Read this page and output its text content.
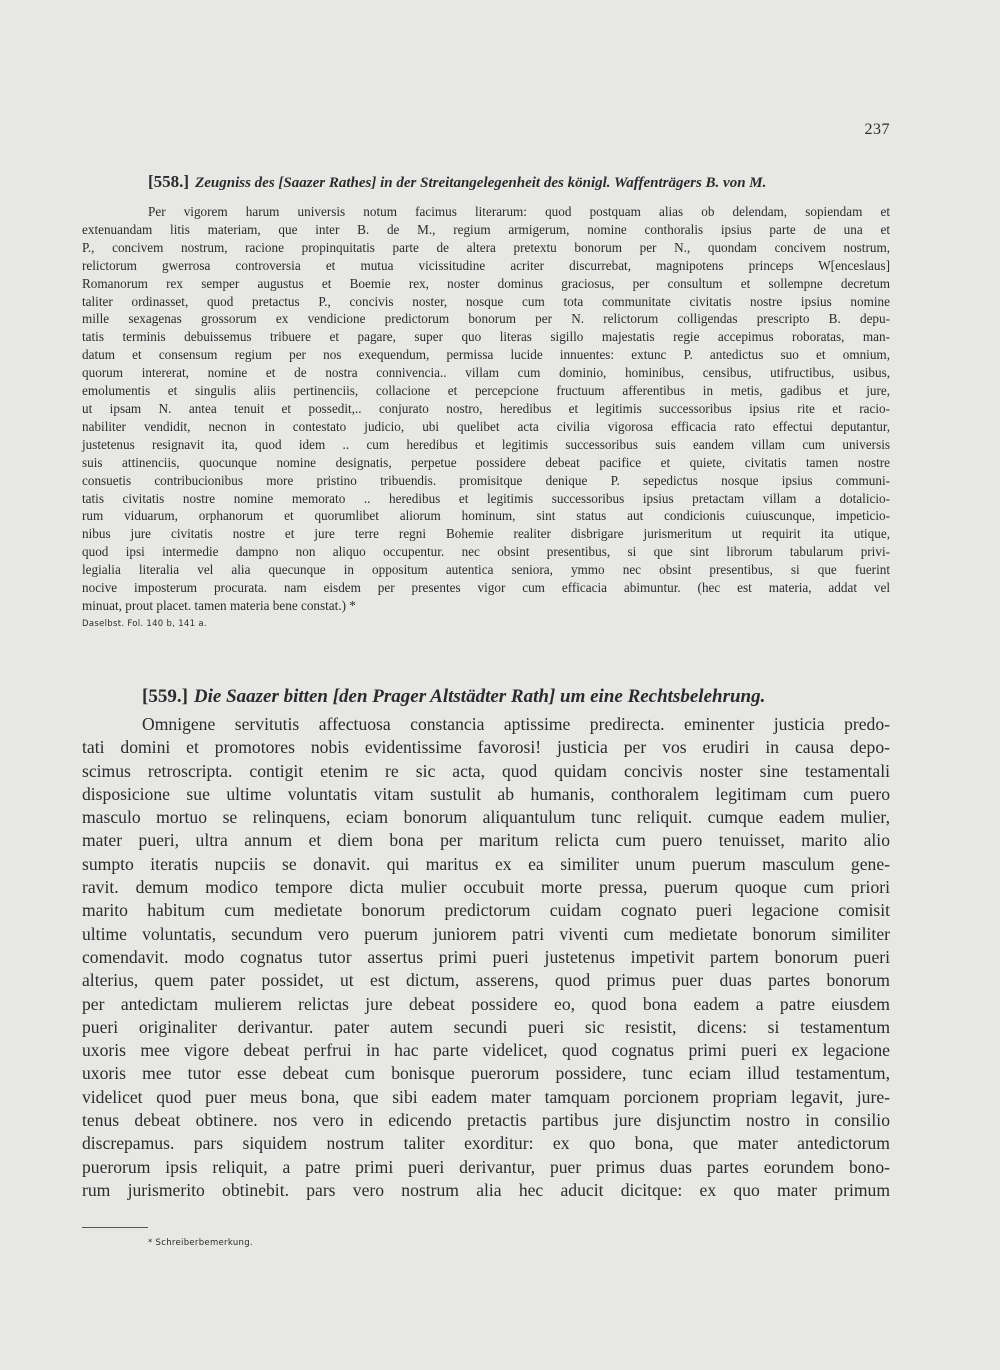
237
[558.] Zeugniss des [Saazer Rathes] in der Streitangelegenheit des königl. Waffenträgers B. von M.
Per vigorem harum universis notum facimus literarum: quod postquam alias ob delendam, sopiendam et
extenuandam litis materiam, que inter B. de M., regium armigerum, nomine conthoralis ipsius parte de una et
P., concivem nostrum, racione propinquitatis parte de altera pretextu bonorum per N., quondam concivem nostrum,
relictorum gwerrosa controversia et mutua vicissitudine acriter discurrebat, magnipotens princeps W[enceslaus]
Romanorum rex semper augustus et Boemie rex, noster dominus graciosus, per consultum et sollempne decretum
taliter ordinasset, quod pretactus P., concivis noster, nosque cum tota communitate civitatis nostre ipsius nomine
mille sexagenas grossorum ex vendicione predictorum bonorum per N. relictorum colligendas prescripto B. depu-
tatis terminis debuissemus tribuere et pagare, super quo literas sigillo majestatis regie accepimus roboratas, man-
datum et consensum regium per nos exequendum, permissa lucide innuentes: extunc P. antedictus suo et omnium,
quorum intererat, nomine et de nostra connivencia.. villam cum dominio, hominibus, censibus, utifructibus, usibus,
emolumentis et singulis aliis pertinenciis, collacione et percepcione fructuum afferentibus in metis, gadibus et jure,
ut ipsam N. antea tenuit et possedit,.. conjurato nostro, heredibus et legitimis successoribus ipsius rite et racio-
nabiliter vendidit, necnon in contestato judicio, ubi quelibet acta civilia vigorosa efficacia rato effectui deputantur,
justetenus resignavit ita, quod idem .. cum heredibus et legitimis successoribus suis eandem villam cum universis
suis attinenciis, quocunque nomine designatis, perpetue possidere debeat pacifice et quiete, civitatis tamen nostre
consuetis contribucionibus more pristino tribuendis. promisitque denique P. sepedictus nosque ipsius communi-
tatis civitatis nostre nomine memorato .. heredibus et legitimis successoribus ipsius pretactam villam a dotalicio-
rum viduarum, orphanorum et quorumlibet aliorum hominum, sint status aut condicionis cuiuscunque, impeticio-
nibus jure civitatis nostre et jure terre regni Bohemie realiter disbrigare jurismeritum ut requirit ita utique,
quod ipsi intermedie dampno non aliquo occupentur. nec obsint presentibus, si que sint librorum tabularum privi-
legialia literalia vel alia quecunque in oppositum autentica seniora, ymmo nec obsint presentibus, si que fuerint
nocive imposterum procurata. nam eisdem per presentes vigor cum efficacia abimuntur. (hec est materia, addat vel
minuat, prout placet. tamen materia bene constat.) *

Daselbst. Fol. 140 b, 141 a.

[559.] Die Saazer bitten [den Prager Altstädter Rath] um eine Rechtsbelehrung.
Omnigene servitutis affectuosa constancia aptissime predirecta. eminenter justicia predo-
tati domini et promotores nobis evidentissime favorosi! justicia per vos erudiri in causa depo-
scimus retroscripta. contigit etenim re sic acta, quod quidam concivis noster sine testamentali
disposicione sue ultime voluntatis vitam sustulit ab humanis, conthoralem legitimam cum puero
masculo mortuo se relinquens, eciam bonorum aliquantulum tunc reliquit. cumque eadem mulier,
mater pueri, ultra annum et diem bona per maritum relicta cum puero tenuisset, marito alio
sumpto iteratis nupciis se donavit. qui maritus ex ea similiter unum puerum masculum gene-
ravit. demum modico tempore dicta mulier occubuit morte pressa, puerum quoque cum priori
marito habitum cum medietate bonorum predictorum cuidam cognato pueri legacione comisit
ultime voluntatis, secundum vero puerum juniorem patri viventi cum medietate bonorum similiter
comendavit. modo cognatus tutor assertus primi pueri justetenus impetivit partem bonorum pueri
alterius, quem pater possidet, ut est dictum, asserens, quod primus puer duas partes bonorum
per antedictam mulierem relictas jure debeat possidere eo, quod bona eadem a patre eiusdem
pueri originaliter derivantur. pater autem secundi pueri sic resistit, dicens: si testamentum
uxoris mee vigore debeat perfrui in hac parte videlicet, quod cognatus primi pueri ex legacione
uxoris mee tutor esse debeat cum bonisque puerorum possidere, tunc eciam illud testamentum,
videlicet quod puer meus bona, que sibi eadem mater tamquam porcionem propriam legavit, jure-
tenus debeat obtinere. nos vero in edicendo pretactis partibus jure disjunctim nostro in consilio
discrepamus. pars siquidem nostrum taliter exorditur: ex quo bona, que mater antedictorum
puerorum ipsis reliquit, a patre primi pueri derivantur, puer primus duas partes eorundem bono-
rum jurismerito obtinebit. pars vero nostrum alia hec aducit dicitque: ex quo mater primum
* Schreiberbemerkung.
